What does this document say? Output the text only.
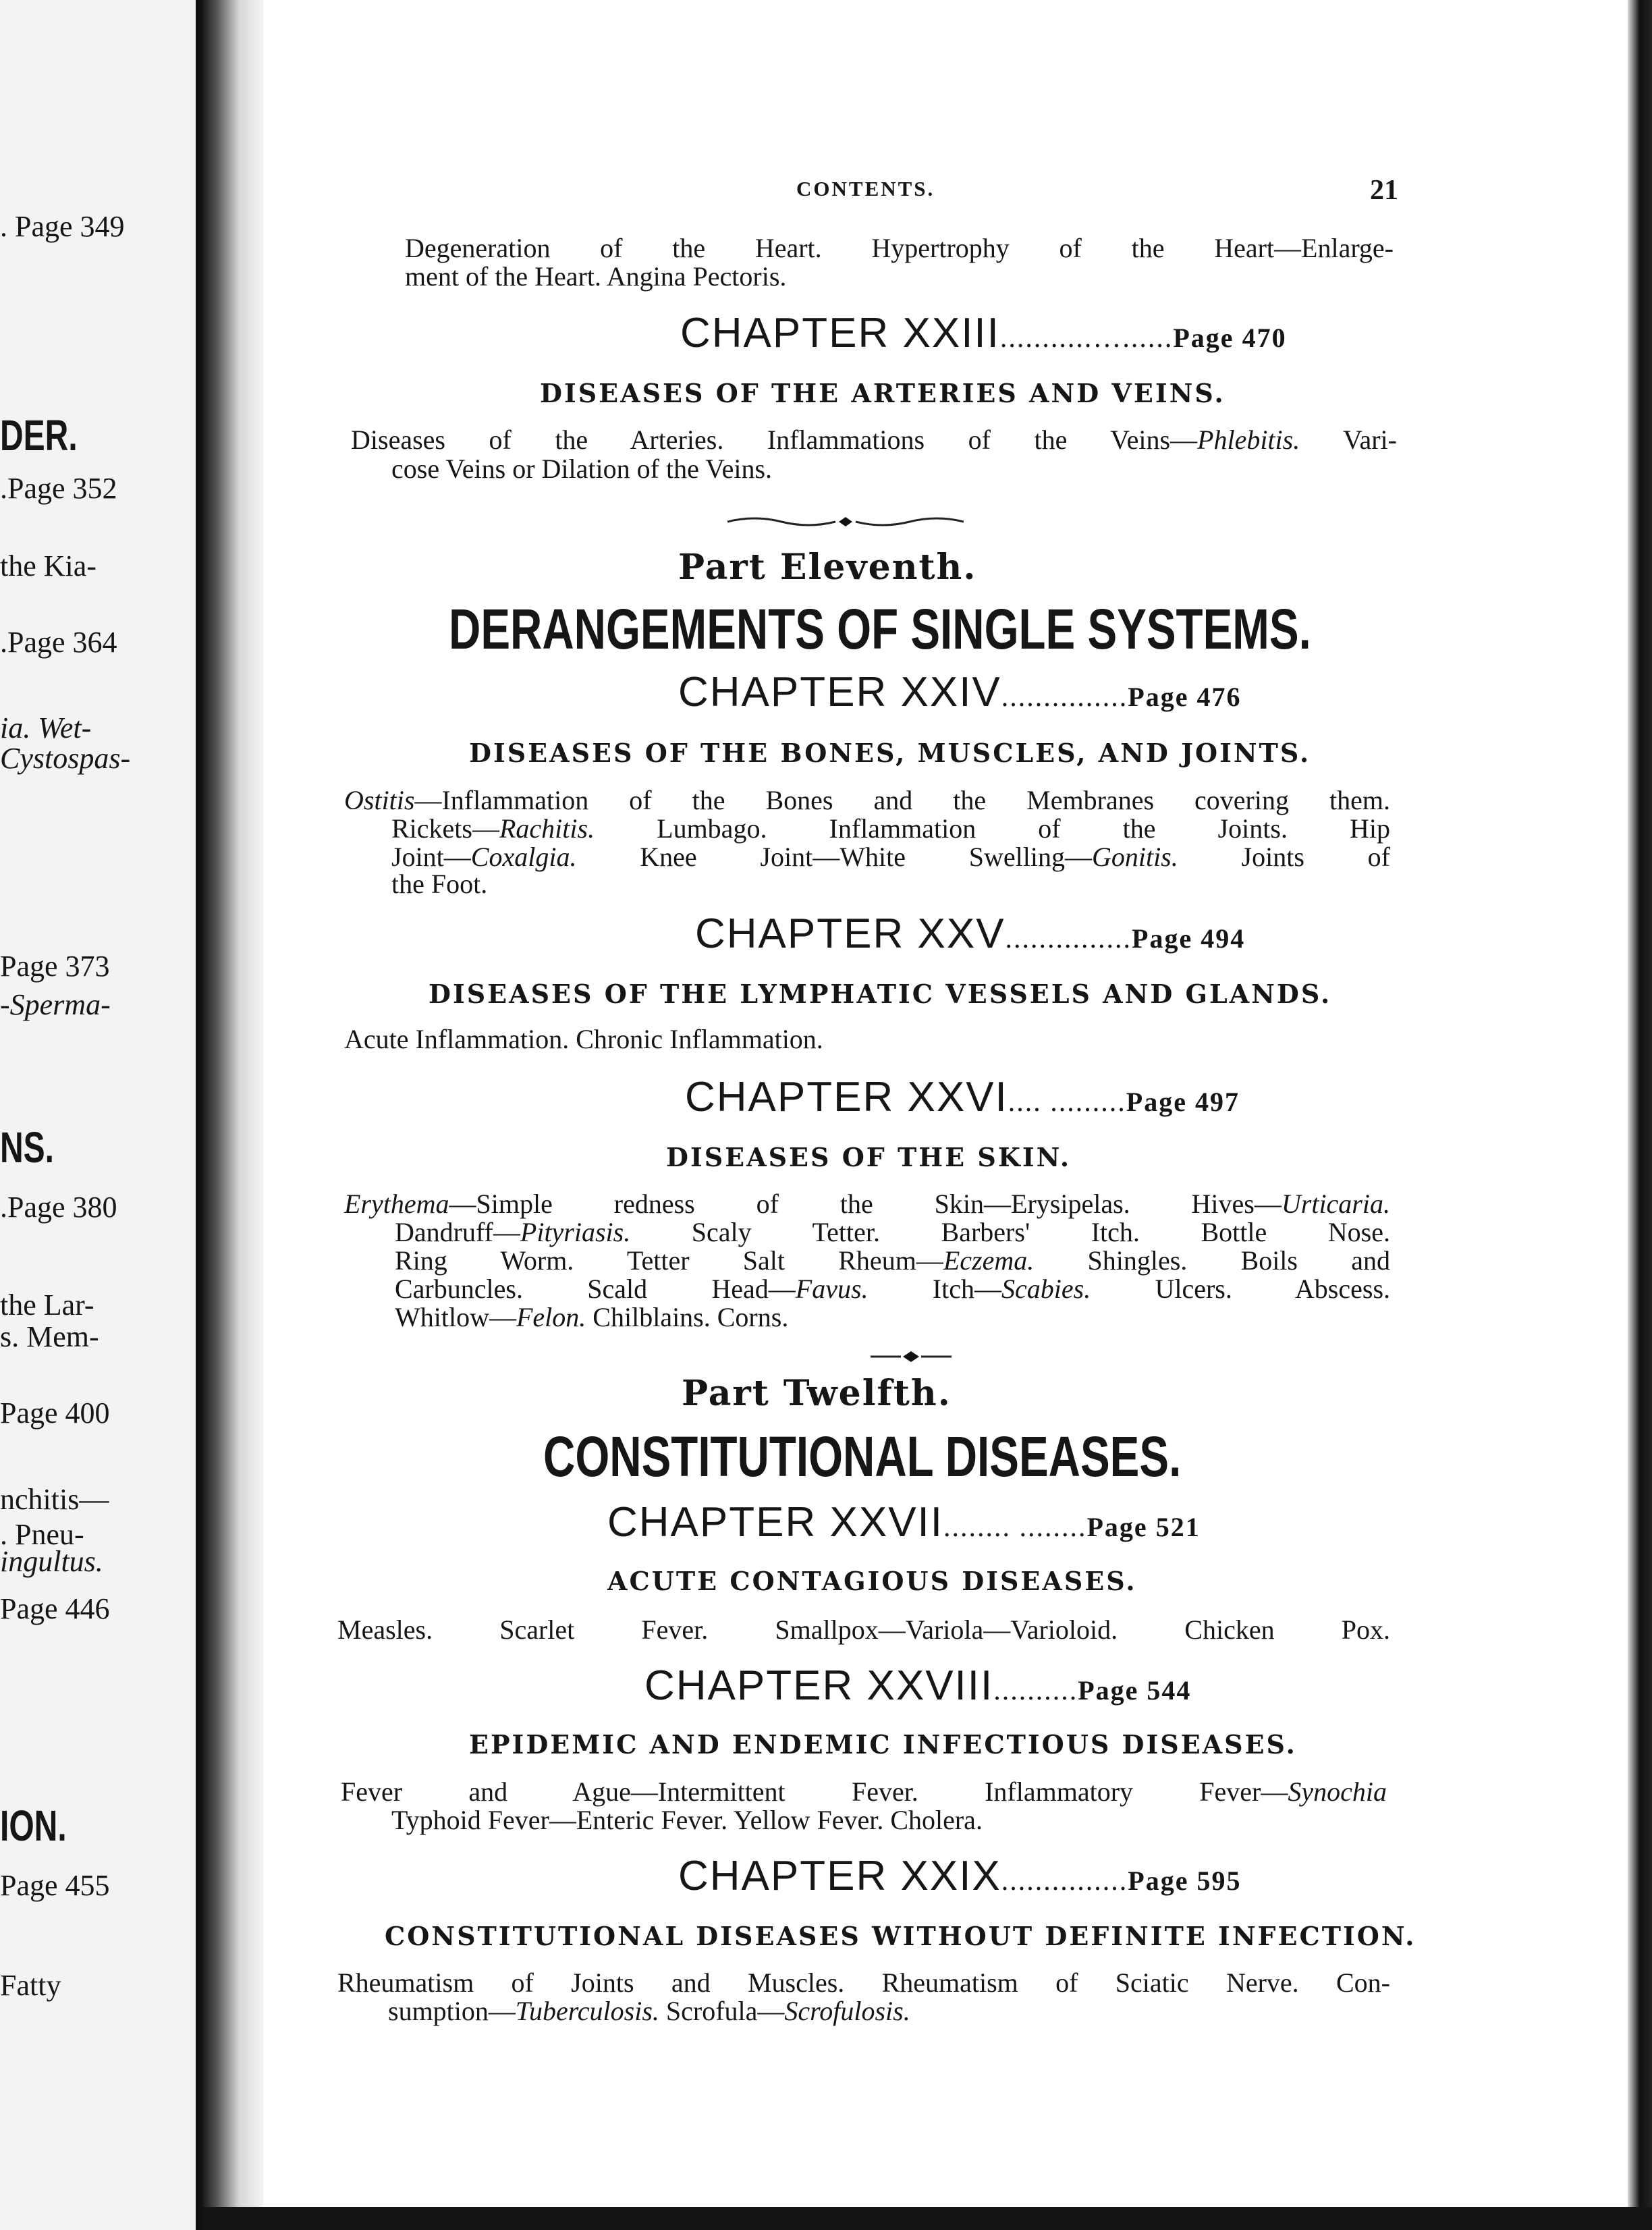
. Page 349
DER.
.Page 352
the Kia-
.Page 364
ia. Wet-
Cystospas-
Page 373
-Sperma-
NS.
.Page 380
the Lar-
s. Mem-
Page 400
nchitis—
. Pneu-
ingultus.
Page 446
ION.
Page 455
Fatty
CONTENTS.	21
Degeneration of the Heart. Hypertrophy of the Heart—Enlarge-
ment of the Heart. Angina Pectoris.
CHAPTER XXIII...........…......Page 470
DISEASES OF THE ARTERIES AND VEINS.
Diseases of the Arteries. Inflammations of the Veins—Phlebitis. Vari-
cose Veins or Dilation of the Veins.
Part Eleventh.
DERANGEMENTS OF SINGLE SYSTEMS.
CHAPTER XXIV...............Page 476
DISEASES OF THE BONES, MUSCLES, AND JOINTS.
Ostitis—Inflammation of the Bones and the Membranes covering them.
Rickets—Rachitis. Lumbago. Inflammation of the Joints. Hip
Joint—Coxalgia. Knee Joint—White Swelling—Gonitis. Joints of
the Foot.
CHAPTER XXV...............Page 494
DISEASES OF THE LYMPHATIC VESSELS AND GLANDS.
Acute Inflammation. Chronic Inflammation.
CHAPTER XXVI.... .........Page 497
DISEASES OF THE SKIN.
Erythema—Simple redness of the Skin—Erysipelas. Hives—Urticaria.
Dandruff—Pityriasis. Scaly Tetter. Barbers' Itch. Bottle Nose.
Ring Worm. Tetter Salt Rheum—Eczema. Shingles. Boils and
Carbuncles. Scald Head—Favus. Itch—Scabies. Ulcers. Abscess.
Whitlow—Felon. Chilblains. Corns.
Part Twelfth.
CONSTITUTIONAL DISEASES.
CHAPTER XXVII........ ........Page 521
ACUTE CONTAGIOUS DISEASES.
Measles. Scarlet Fever. Smallpox—Variola—Varioloid. Chicken Pox.
CHAPTER XXVIII..........Page 544
EPIDEMIC AND ENDEMIC INFECTIOUS DISEASES.
Fever and Ague—Intermittent Fever. Inflammatory Fever—Synochia
Typhoid Fever—Enteric Fever. Yellow Fever. Cholera.
CHAPTER XXIX...............Page 595
CONSTITUTIONAL DISEASES WITHOUT DEFINITE INFECTION.
Rheumatism of Joints and Muscles. Rheumatism of Sciatic Nerve. Con-
sumption—Tuberculosis. Scrofula—Scrofulosis.
